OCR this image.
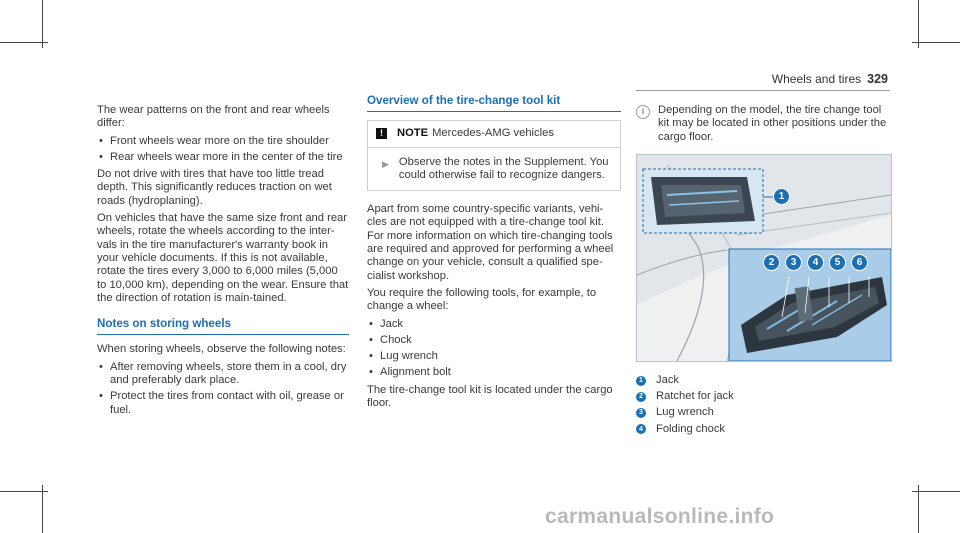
Wheels and tires 329

The wear patterns on the front and rear wheels differ:

• Front wheels wear more on the tire shoulder
• Rear wheels wear more in the center of the tire

Do not drive with tires that have too little tread depth. This significantly reduces traction on wet roads (hydroplaning).

On vehicles that have the same size front and rear wheels, rotate the wheels according to the inter-vals in the tire manufacturer's warranty book in your vehicle documents. If this is not available, rotate the tires every 3,000 to 6,000 miles (5,000 to 10,000 km), depending on the wear. Ensure that the direction of rotation is main-tained.

Notes on storing wheels

When storing wheels, observe the following notes:

• After removing wheels, store them in a cool, dry and preferably dark place.
• Protect the tires from contact with oil, grease or fuel.
Overview of the tire-change tool kit
!	NOTE Mercedes-AMG vehicles
▶ Observe the notes in the Supplement. You could otherwise fail to recognize dangers.

Apart from some country-specific variants, vehi-cles are not equipped with a tire-change tool kit. For more information on which tire-changing tools are required and approved for performing a wheel change on your vehicle, consult a qualified spe-cialist workshop.

You require the following tools, for example, to change a wheel:

• Jack
• Chock
• Lug wrench
• Alignment bolt

The tire-change tool kit is located under the cargo floor.

i	Depending on the model, the tire change tool kit may be located in other positions under the cargo floor.
1
2	3	4	5	6
1 Jack
2 Ratchet for jack
3 Lug wrench
4 Folding chock
carmanualsonline.info
